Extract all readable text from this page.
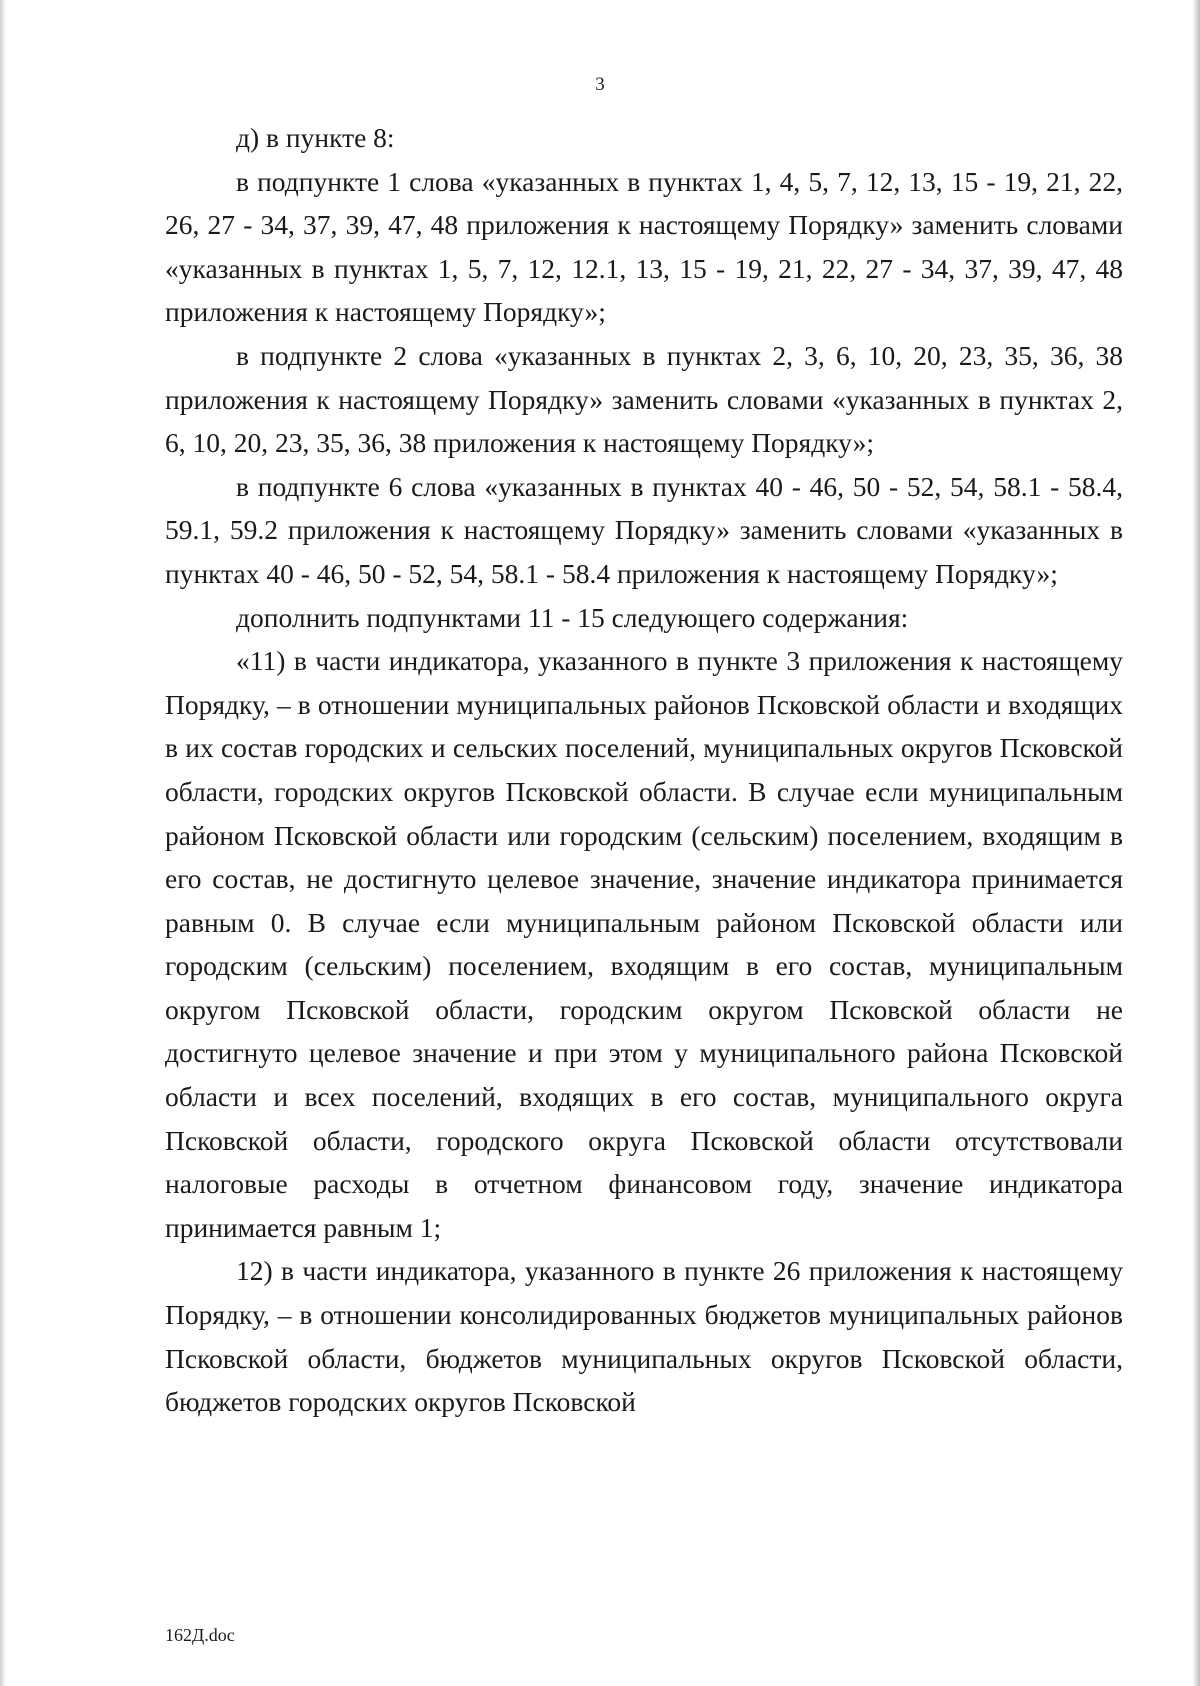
3

д) в пункте 8:

в подпункте 1 слова «указанных в пунктах 1, 4, 5, 7, 12, 13, 15 - 19, 21, 22, 26, 27 - 34, 37, 39, 47, 48 приложения к настоящему Порядку» заменить словами «указанных в пунктах 1, 5, 7, 12, 12.1, 13, 15 - 19, 21, 22, 27 - 34, 37, 39, 47, 48 приложения к настоящему Порядку»;

в подпункте 2 слова «указанных в пунктах 2, 3, 6, 10, 20, 23, 35, 36, 38 приложения к настоящему Порядку» заменить словами «указанных в пунктах 2, 6, 10, 20, 23, 35, 36, 38 приложения к настоящему Порядку»;

в подпункте 6 слова «указанных в пунктах 40 - 46, 50 - 52, 54, 58.1 - 58.4, 59.1, 59.2 приложения к настоящему Порядку» заменить словами «указанных в пунктах 40 - 46, 50 - 52, 54, 58.1 - 58.4 приложения к настоящему Порядку»;

дополнить подпунктами 11 - 15 следующего содержания:

«11) в части индикатора, указанного в пункте 3 приложения к настоящему Порядку, – в отношении муниципальных районов Псковской области и входящих в их состав городских и сельских поселений, муниципальных округов Псковской области, городских округов Псковской области. В случае если муниципальным районом Псковской области или городским (сельским) поселением, входящим в его состав, не достигнуто целевое значение, значение индикатора принимается равным 0. В случае если муниципальным районом Псковской области или городским (сельским) поселением, входящим в его состав, муниципальным округом Псковской области, городским округом Псковской области не достигнуто целевое значение и при этом у муниципального района Псковской области и всех поселений, входящих в его состав, муниципального округа Псковской области, городского округа Псковской области отсутствовали налоговые расходы в отчетном финансовом году, значение индикатора принимается равным 1;

12) в части индикатора, указанного в пункте 26 приложения к настоящему Порядку, – в отношении консолидированных бюджетов муниципальных районов Псковской области, бюджетов муниципальных округов Псковской области, бюджетов городских округов Псковской

162Д.doc
